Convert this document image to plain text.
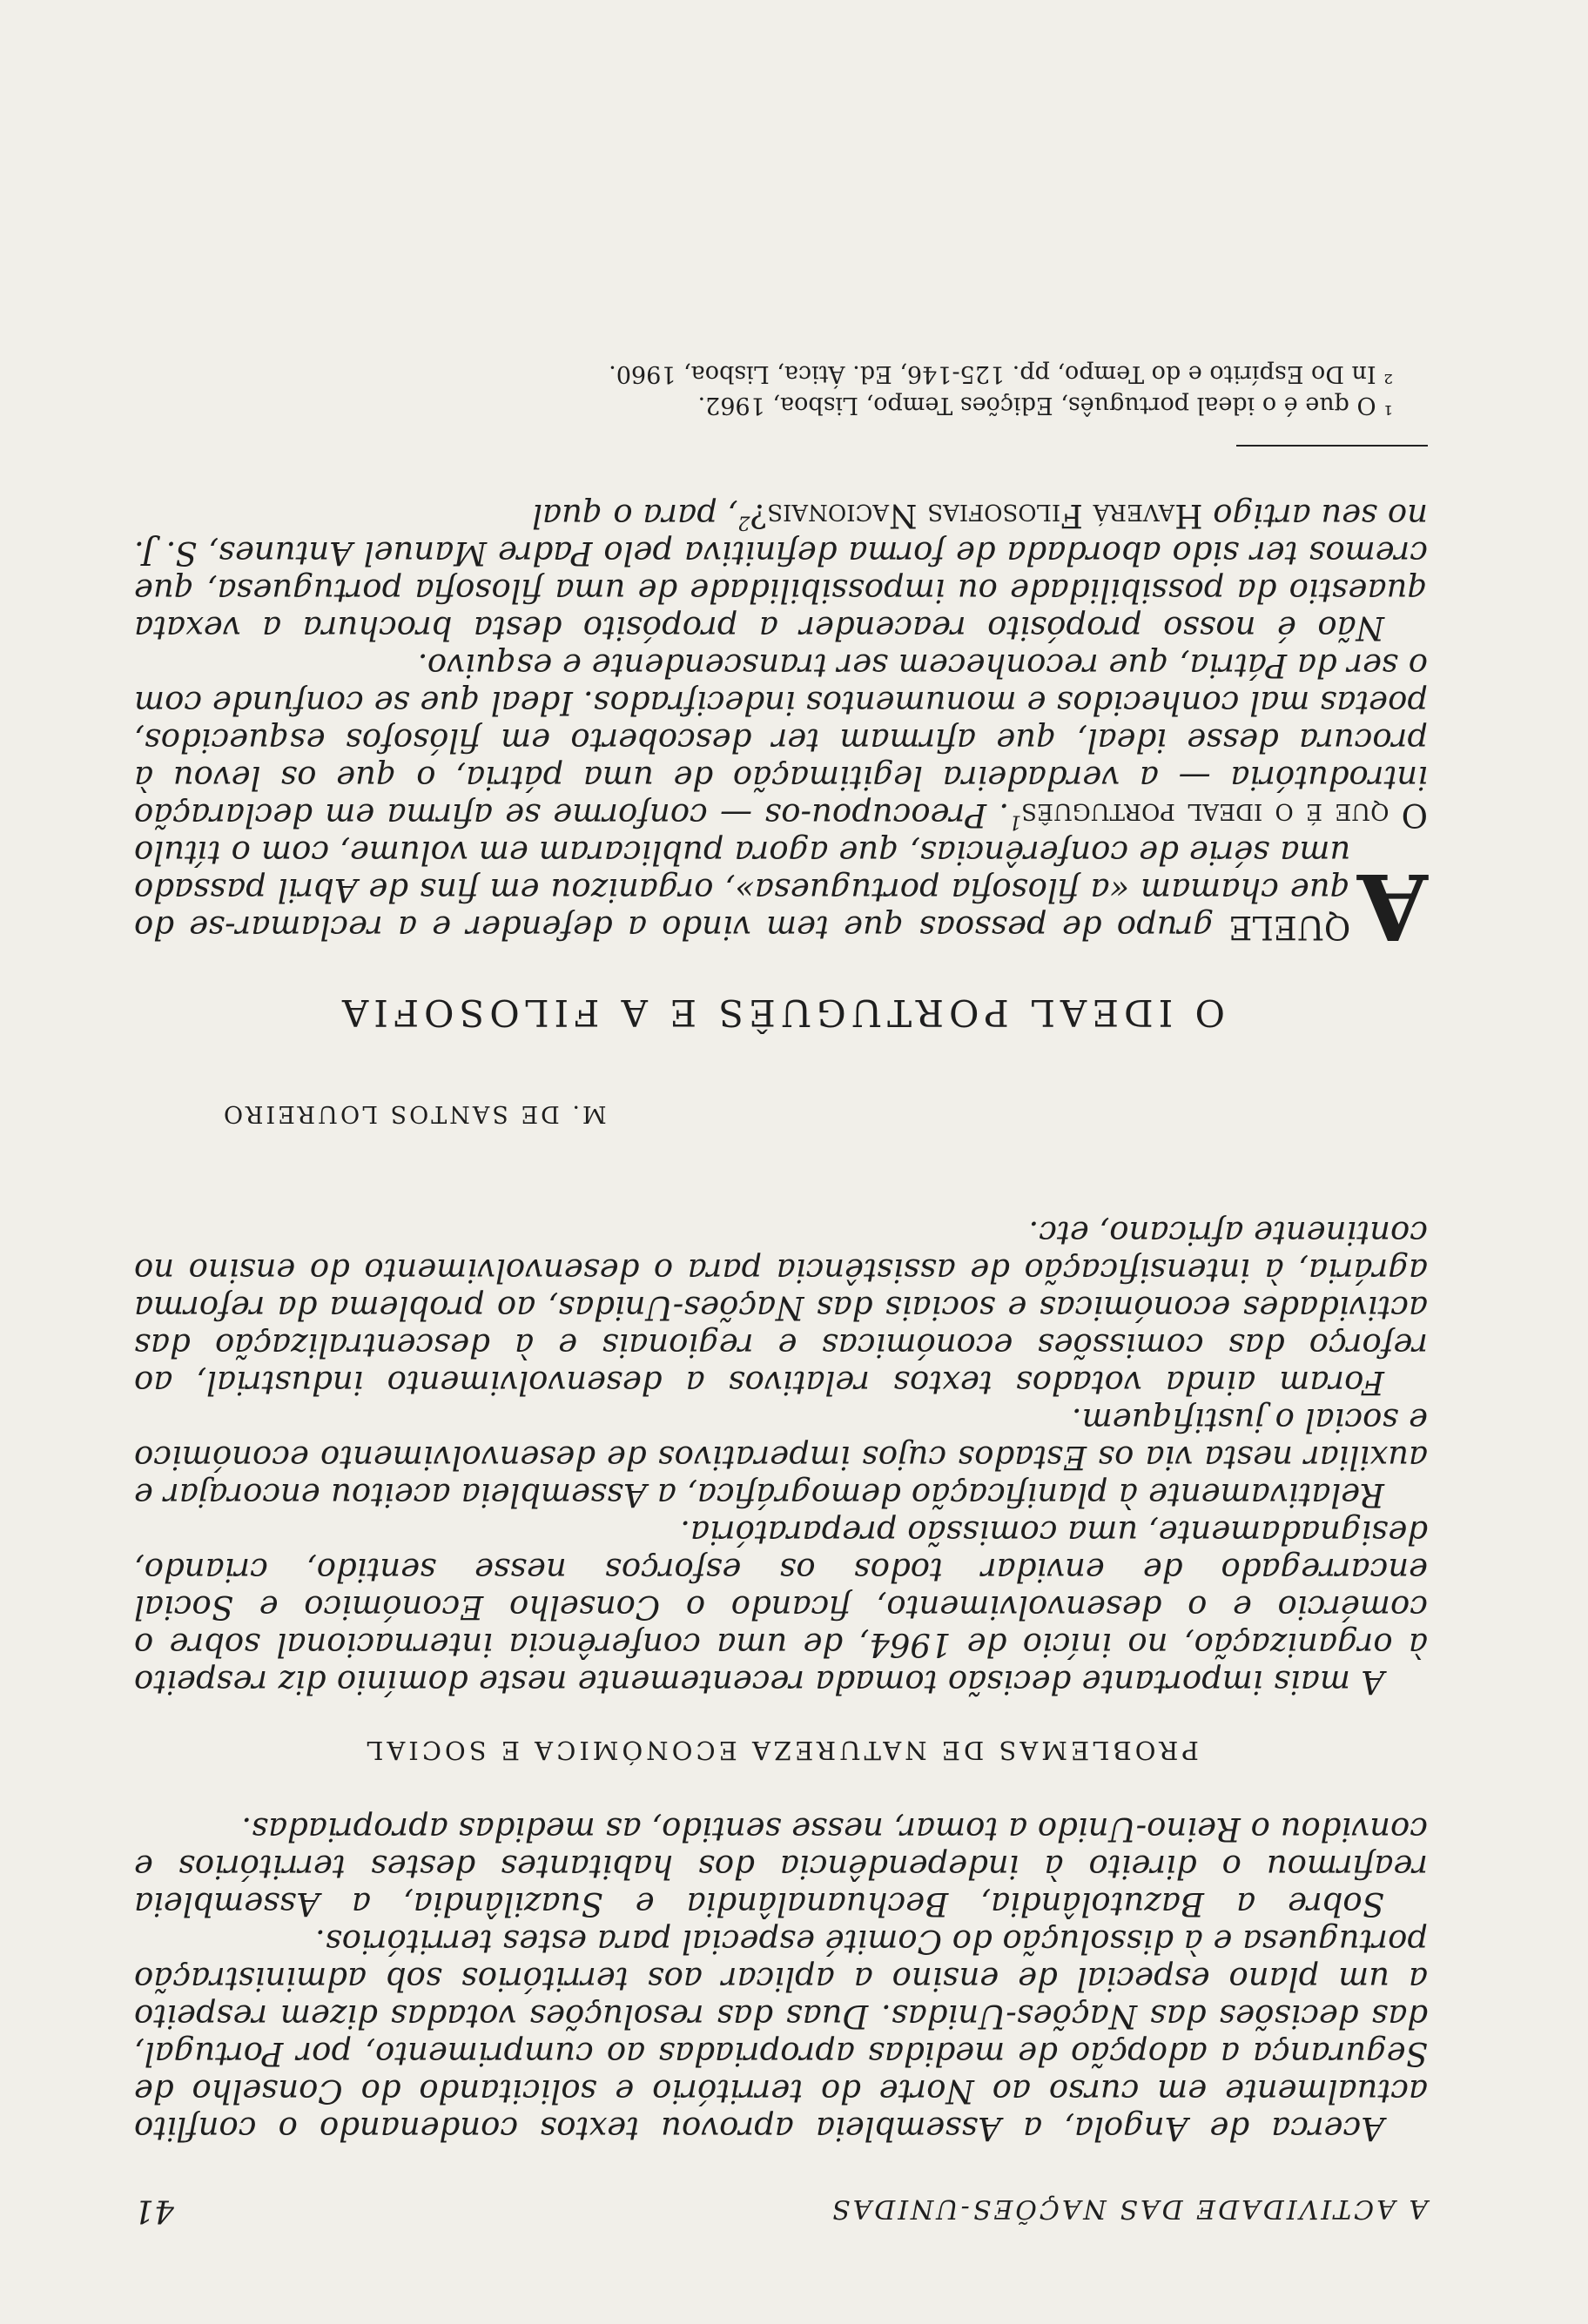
A ACTIVIDADE DAS NAÇÕES-UNIDAS
41

Acerca de Angola, a Assembleia aprovou textos condenando o conflito actualmente em curso ao Norte do território e solicitando do Conselho de Segurança a adopção de medidas apropriadas ao cumprimento, por Portugal, das decisões das Nações-Unidas. Duas das resoluções votadas dizem respeito a um plano especial de ensino a aplicar aos territórios sob administração portuguesa e à dissolução do Comité especial para estes territórios.

Sobre a Bazutolândia, Bechuanalândia e Suazilândia, a Assembleia reafirmou o direito à independência dos habitantes destes territórios e convidou o Reino-Unido a tomar, nesse sentido, as medidas apropriadas.

PROBLEMAS DE NATUREZA ECONÓMICA E SOCIAL

A mais importante decisão tomada recentemente neste domínio diz respeito à organização, no início de 1964, de uma conferência internacional sobre o comércio e o desenvolvimento, ficando o Conselho Económico e Social encarregado de envidar todos os esforços nesse sentido, criando, designadamente, uma comissão preparatória.

Relativamente à planificação demográfica, a Assembleia aceitou encorajar e auxiliar nesta via os Estados cujos imperativos de desenvolvimento económico e social o justifiquem.

Foram ainda votados textos relativos a desenvolvimento industrial, ao reforço das comissões económicas e regionais e à descentralização das actividades económicas e sociais das Nações-Unidas, ao problema da reforma agrária, à intensificação de assistência para o desenvolvimento do ensino no continente africano, etc.

M. DE SANTOS LOUREIRO
O IDEAL PORTUGUÊS E A FILOSOFIA

A
QUELE grupo de pessoas que tem vindo a defender e a reclamar-se do que chamam «a filosofia portuguesa», organizou em fins de Abril passado uma série de conferências, que agora publicaram em volume, com o título O que é o ideal português$^1$. Preocupou-os — conforme se afirma em declaração introdutória — a verdadeira legitimação de uma pátria, o que os levou à procura desse ideal, que afirmam ter descoberto em filósofos esquecidos, poetas mal conhecidos e monumentos indecifrados. Ideal que se confunde com o ser da Pátria, que reconhecem ser transcendente e esquivo.

Não é nosso propósito reacender a propósito desta brochura a vexata quaestio da possibilidade ou impossibilidade de uma filosofia portuguesa, que cremos ter sido abordada de forma definitiva pelo Padre Manuel Antunes, S. J. no seu artigo Haverá Filosofias Nacionais?$^2$, para o qual

¹ O que é o ideal português, Edições Tempo, Lisboa, 1962.
² In Do Espírito e do Tempo, pp. 125-146, Ed. Ática, Lisboa, 1960.
